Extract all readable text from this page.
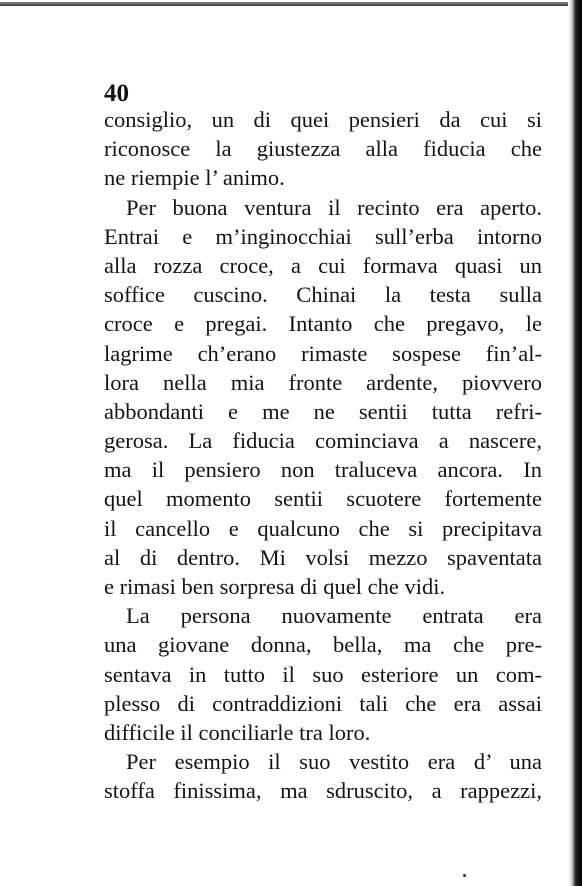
40
consiglio, un di quei pensieri da cui si
riconosce la giustezza alla fiducia che
ne riempie l’ animo.
Per buona ventura il recinto era aperto.
Entrai e m’inginocchiai sull’erba intorno
alla rozza croce, a cui formava quasi un
soffice cuscino. Chinai la testa sulla
croce e pregai. Intanto che pregavo, le
lagrime ch’erano rimaste sospese fin’al-
lora nella mia fronte ardente, piovvero
abbondanti e me ne sentii tutta refri-
gerosa. La fiducia cominciava a nascere,
ma il pensiero non traluceva ancora. In
quel momento sentii scuotere fortemente
il cancello e qualcuno che si precipitava
al di dentro. Mi volsi mezzo spaventata
e rimasi ben sorpresa di quel che vidi.
La persona nuovamente entrata era
una giovane donna, bella, ma che pre-
sentava in tutto il suo esteriore un com-
plesso di contraddizioni tali che era assai
difficile il conciliarle tra loro.
Per esempio il suo vestito era d’ una
stoffa finissima, ma sdruscito, a rappezzi,
